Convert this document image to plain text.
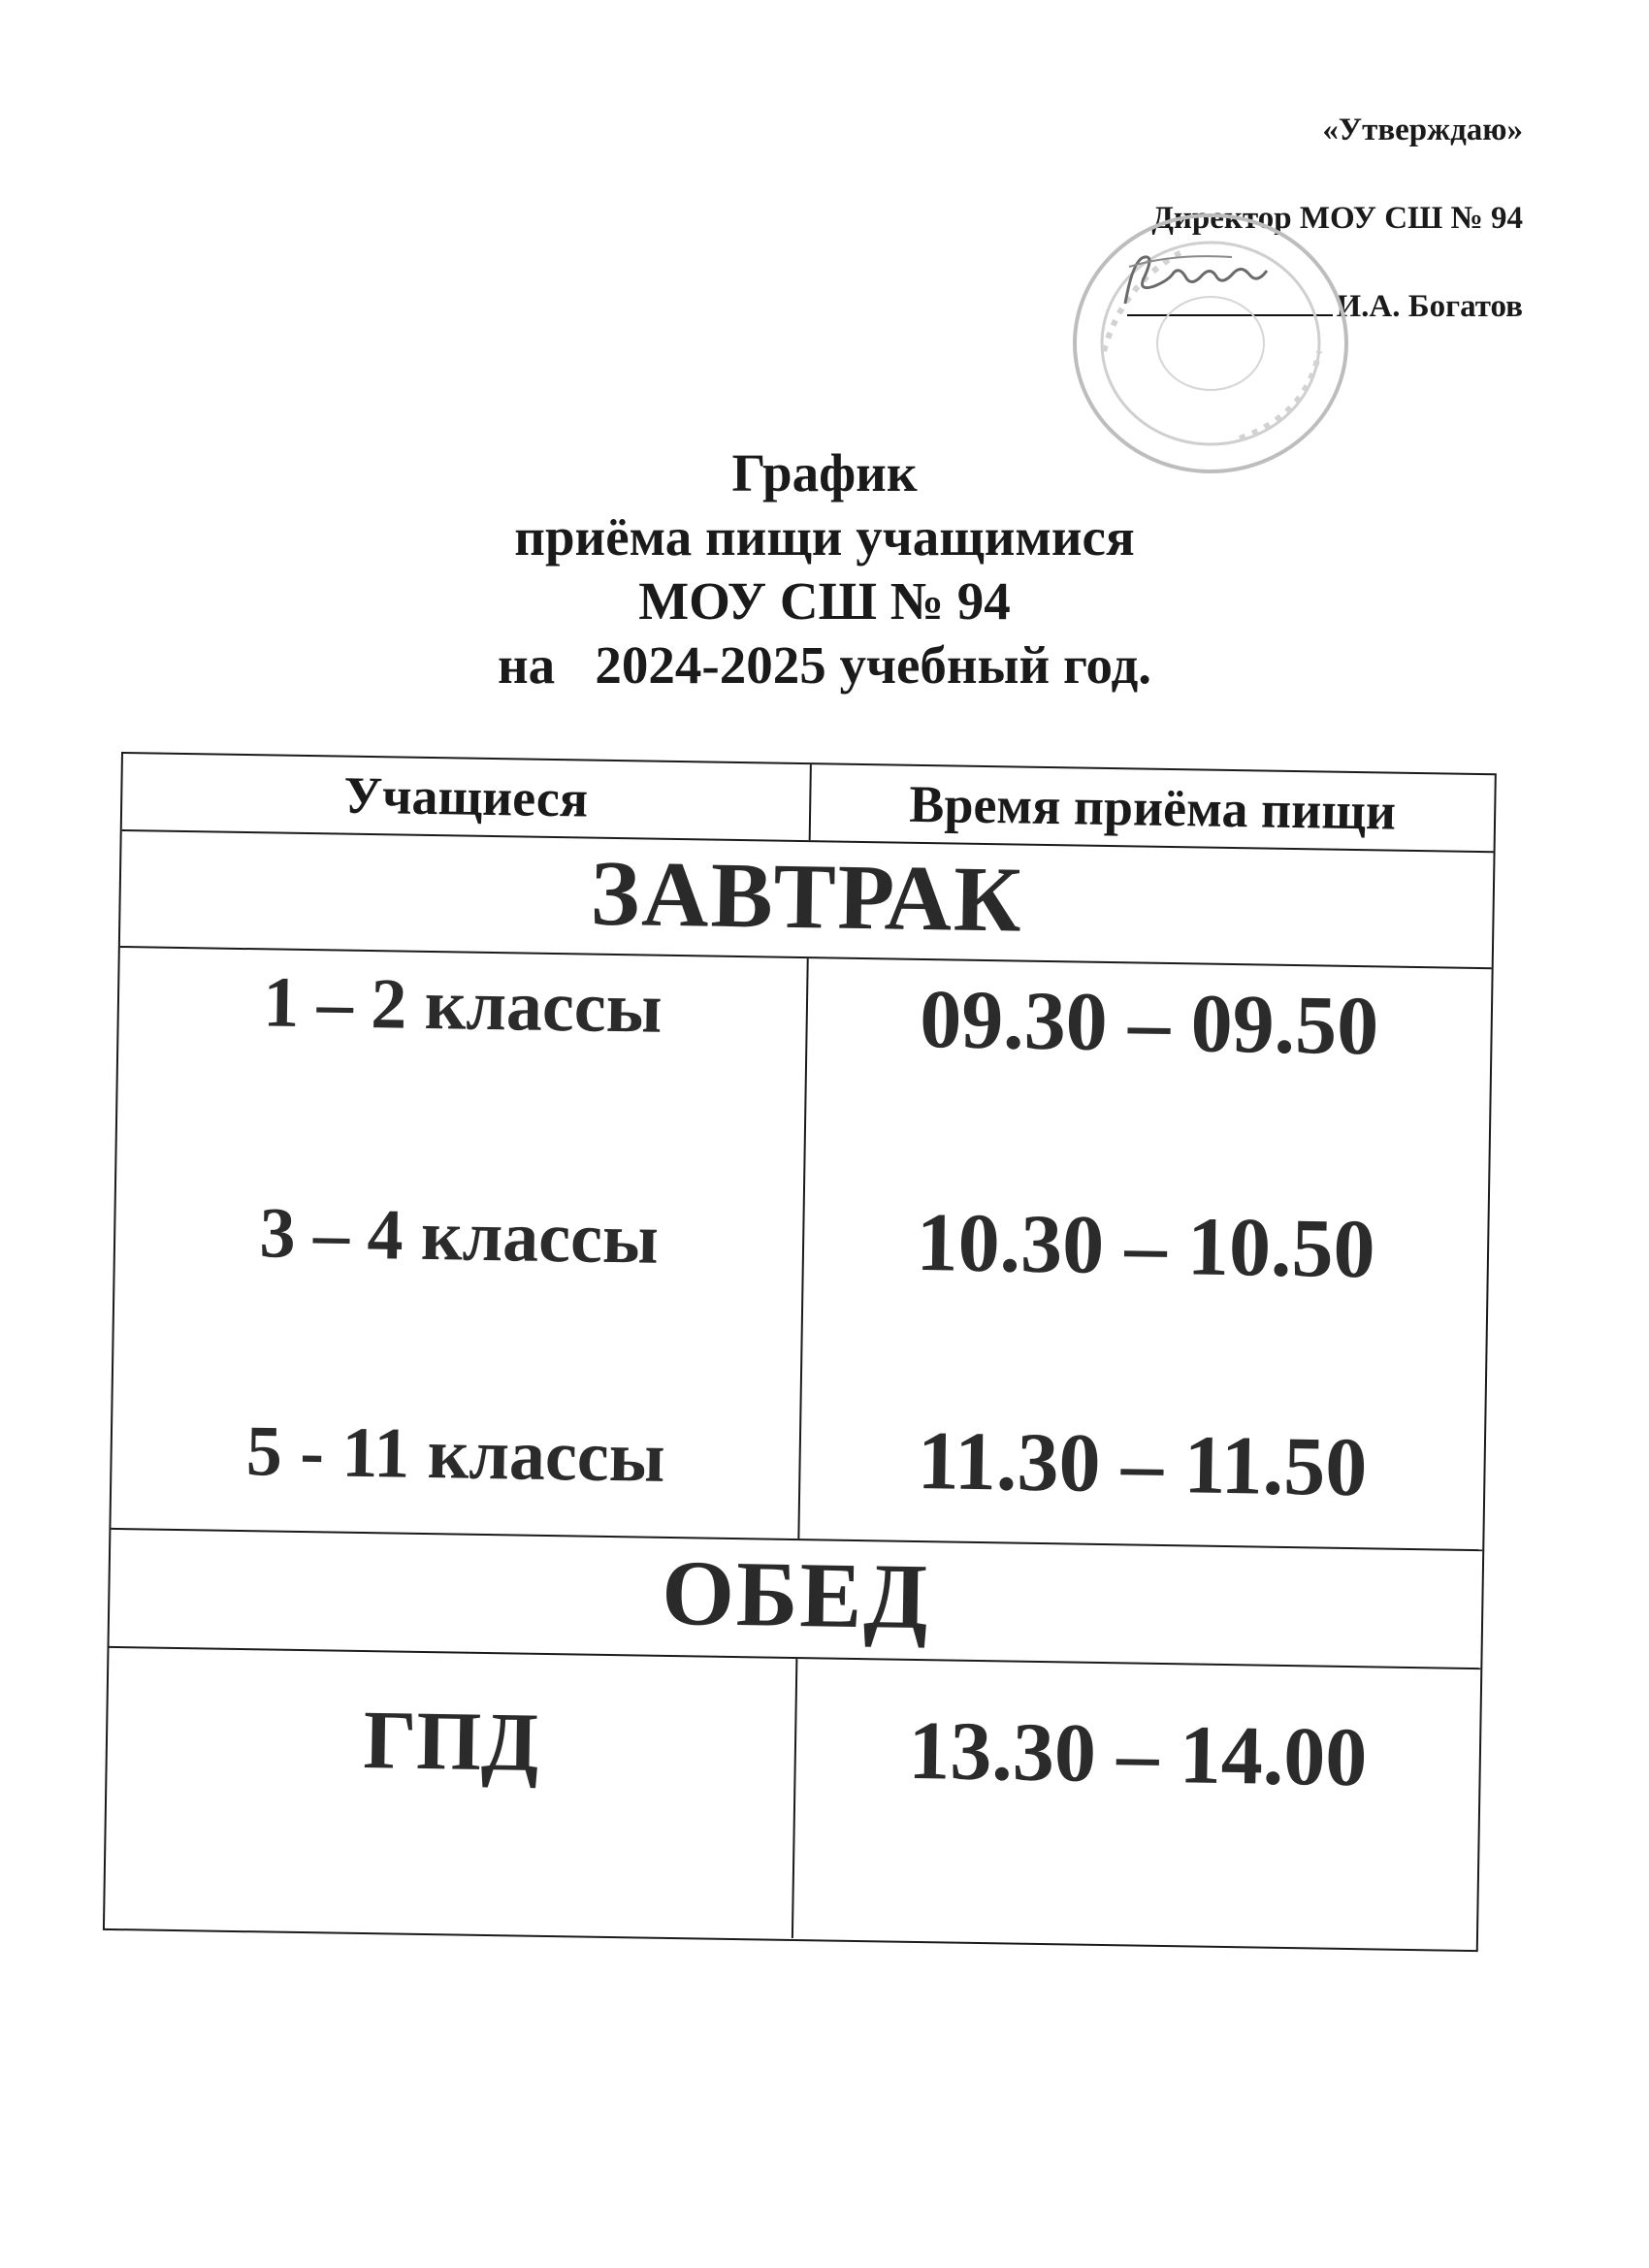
«Утверждаю»
Директор МОУ СШ № 94
И.А. Богатов
График
приёма пищи учащимися
МОУ СШ № 94
на   2024-2025 учебный год.
Учащиеся	Время приёма пищи
ЗАВТРАК
1 – 2 классы
3 – 4 классы
5 - 11 классы
09.30 – 09.50
10.30 – 10.50
11.30 – 11.50
ОБЕД
ГПД	13.30 – 14.00
